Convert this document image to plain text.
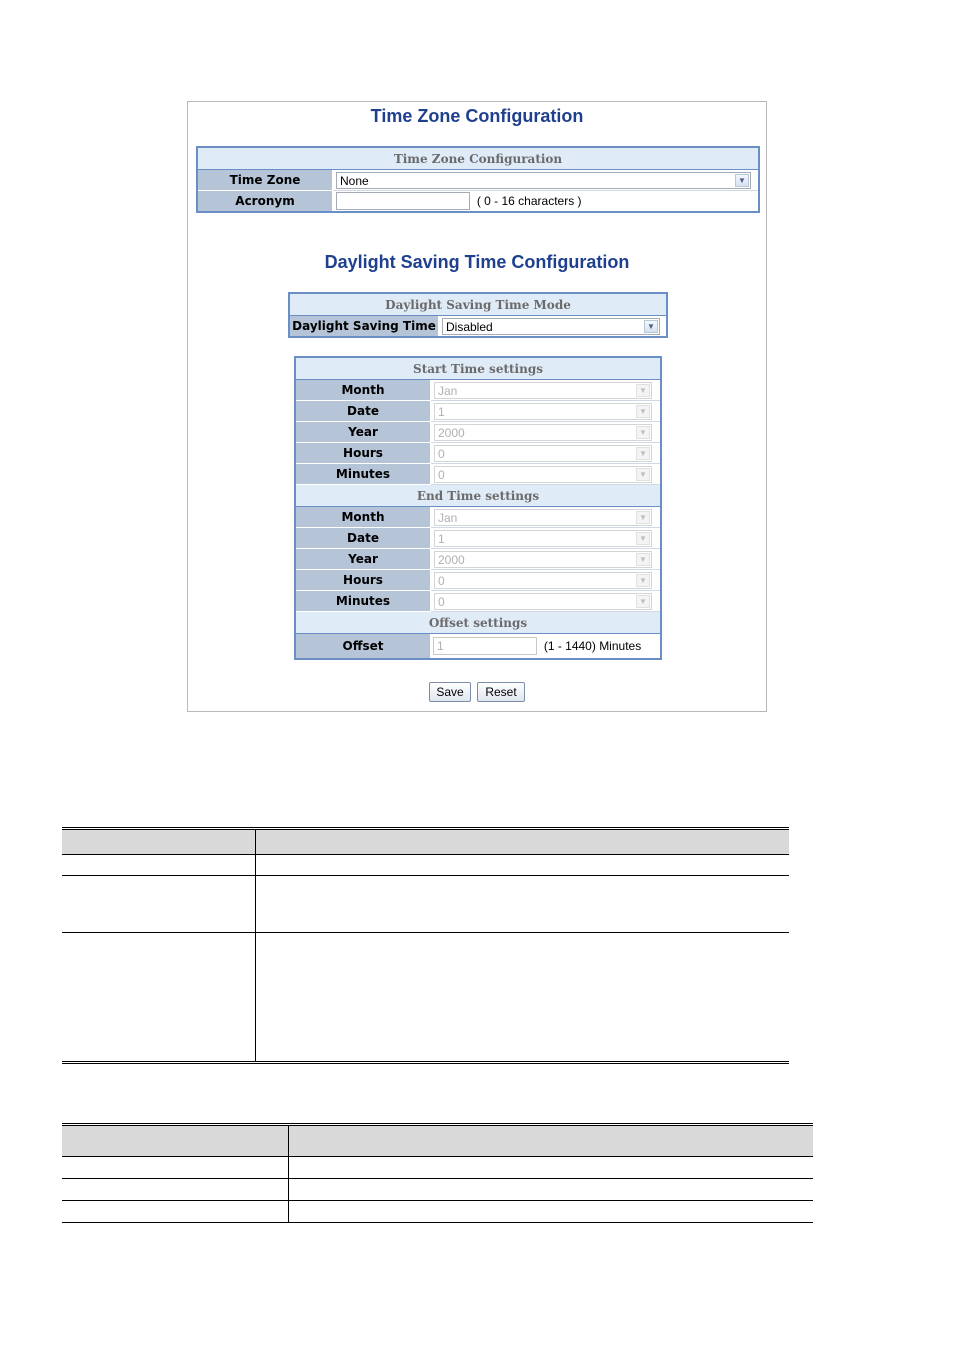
Time Zone Configuration
Time Zone Configuration	
Time Zone	None ▼

Acronym	( 0 - 16 characters )
Daylight Saving Time Configuration
Daylight Saving Time Mode
Daylight Saving Time	Disabled	▼
Start Time settings	
Month	Jan ▼

Date	1 ▼

Year	2000 ▼

Hours	0 ▼

Minutes	0 ▼

End Time settings	
Month	Jan ▼

Date	1 ▼

Year	2000 ▼

Hours	0 ▼

Minutes	0 ▼

Offset settings	
Offset	1 (1 - 1440) Minutes
Save	Reset
